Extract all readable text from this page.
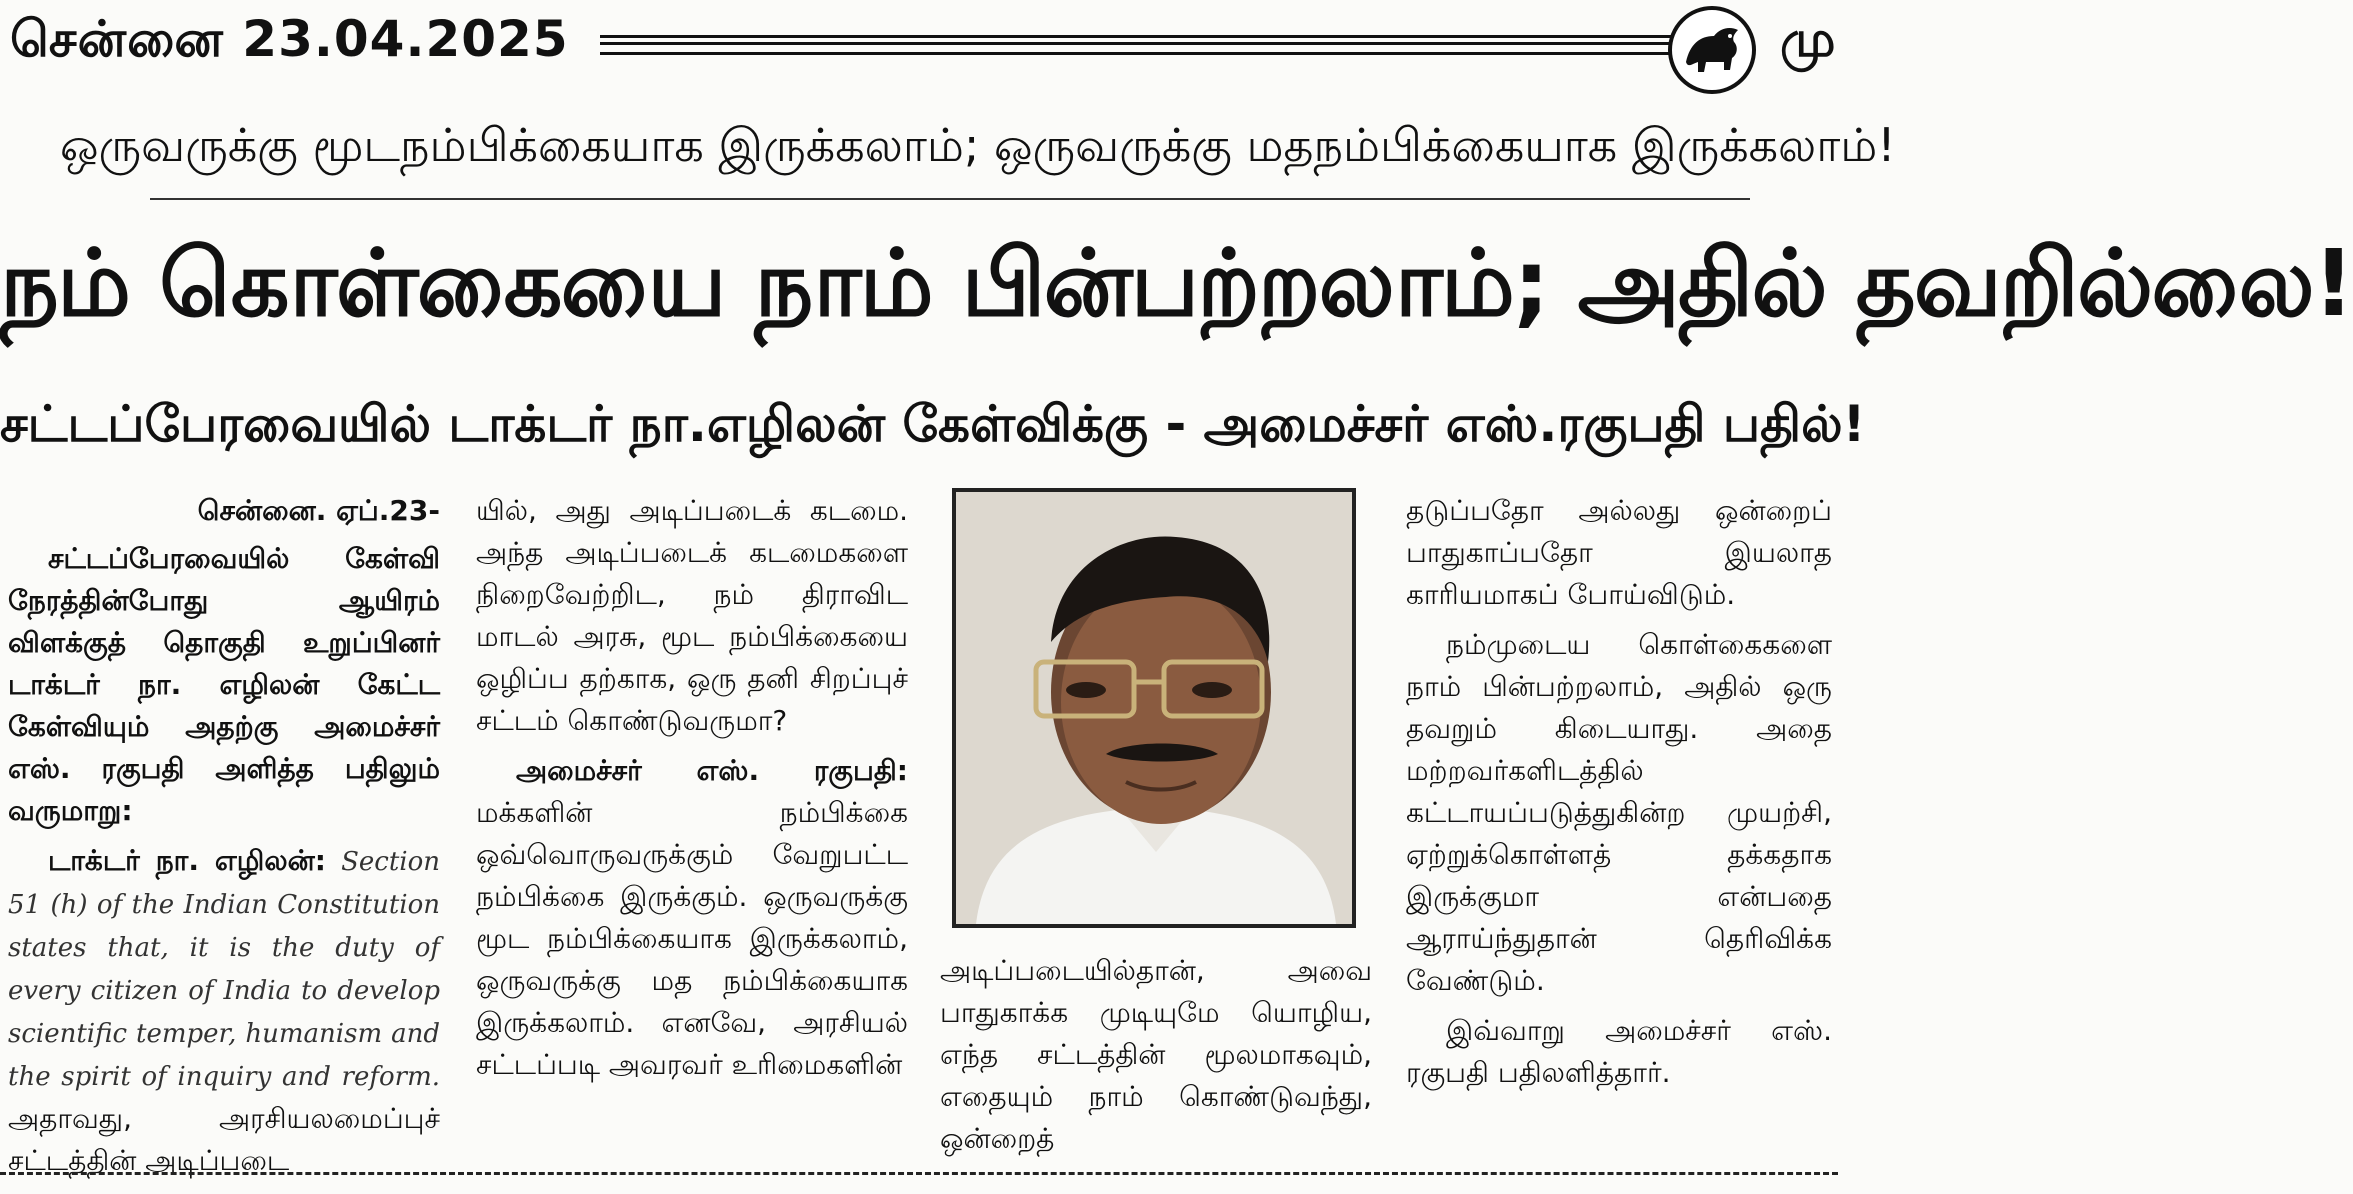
சென்னை 23.04.2025	மு
ஒருவருக்கு மூடநம்பிக்கையாக இருக்கலாம்; ஒருவருக்கு மதநம்பிக்கையாக இருக்கலாம்!
நம் கொள்கையை நாம் பின்பற்றலாம்; அதில் தவறில்லை!
சட்டப்பேரவையில் டாக்டர் நா.எழிலன் கேள்விக்கு - அமைச்சர் எஸ்.ரகுபதி பதில்!
சென்னை. ஏப்.23-

சட்டப்பேரவையில் கேள்வி நேரத்தின்போது ஆயிரம் விளக்குத் தொகுதி உறுப்பினர் டாக்டர் நா. எழிலன் கேட்ட கேள்வியும் அதற்கு அமைச்சர் எஸ். ரகுபதி அளித்த பதிலும் வருமாறு:

டாக்டர் நா. எழிலன்: Section 51 (h) of the Indian Constitution states that, it is the duty of every citizen of India to develop scientific temper, humanism and the spirit of inquiry and reform. அதாவது, அரசியலமைப்புச் சட்டத்தின் அடிப்படை

யில், அது அடிப்படைக் கடமை. அந்த அடிப்படைக் கடமைகளை நிறைவேற்றிட, நம் திராவிட மாடல் அரசு, மூட நம்பிக்கையை ஒழிப்ப தற்காக, ஒரு தனி சிறப்புச் சட்டம் கொண்டுவருமா?

அமைச்சர் எஸ். ரகுபதி: மக்களின் நம்பிக்கை ஒவ்வொருவருக்கும் வேறுபட்ட நம்பிக்கை இருக்கும். ஒருவருக்கு மூட நம்பிக்கையாக இருக்கலாம், ஒருவருக்கு மத நம்பிக்கையாக இருக்கலாம். எனவே, அரசியல் சட்டப்படி அவரவர் உரிமைகளின்

அடிப்படையில்தான், அவை பாதுகாக்க முடியுமே யொழிய, எந்த சட்டத்தின் மூலமாகவும், எதையும் நாம் கொண்டுவந்து, ஒன்றைத்

தடுப்பதோ அல்லது ஒன்றைப் பாதுகாப்பதோ இயலாத காரியமாகப் போய்விடும்.

நம்முடைய கொள்கைகளை நாம் பின்பற்றலாம், அதில் ஒரு தவறும் கிடையாது. அதை மற்றவர்களிடத்தில் கட்டாயப்படுத்துகின்ற முயற்சி, ஏற்றுக்கொள்ளத் தக்கதாக இருக்குமா என்பதை ஆராய்ந்துதான் தெரிவிக்க வேண்டும்.

இவ்வாறு அமைச்சர் எஸ். ரகுபதி பதிலளித்தார்.
